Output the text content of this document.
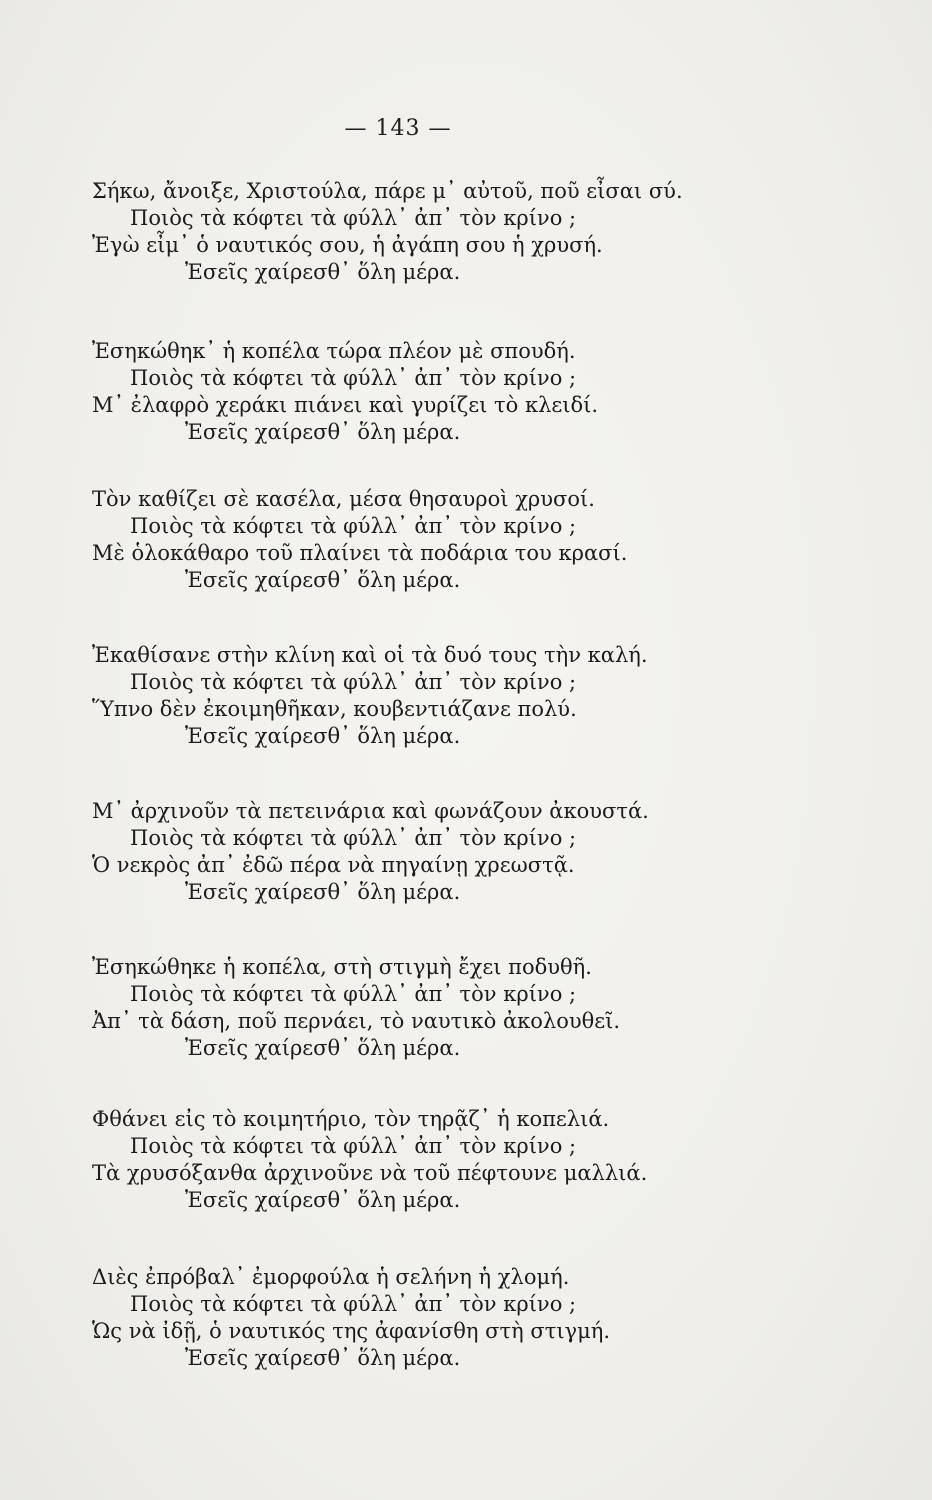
— 143 —
Σήκω, ἄνοιξε, Χριστούλα, πάρε μ᾽ αὐτοῦ, ποῦ εἶσαι σύ.
Ποιὸς τὰ κόφτει τὰ φύλλ᾽ ἀπ᾽ τὸν κρίνο ;
Ἐγὼ εἶμ᾽ ὁ ναυτικός σου, ἡ ἀγάπη σου ἡ χρυσή.
Ἐσεῖς χαίρεσθ᾽ ὅλη μέρα.
Ἐσηκώθηκ᾽ ἡ κοπέλα τώρα πλέον μὲ σπουδή.
Ποιὸς τὰ κόφτει τὰ φύλλ᾽ ἀπ᾽ τὸν κρίνο ;
Μ᾽ ἐλαφρὸ χεράκι πιάνει καὶ γυρίζει τὸ κλειδί.
Ἐσεῖς χαίρεσθ᾽ ὅλη μέρα.
Τὸν καθίζει σὲ κασέλα, μέσα θησαυροὶ χρυσοί.
Ποιὸς τὰ κόφτει τὰ φύλλ᾽ ἀπ᾽ τὸν κρίνο ;
Μὲ ὁλοκάθαρο τοῦ πλαίνει τὰ ποδάρια του κρασί.
Ἐσεῖς χαίρεσθ᾽ ὅλη μέρα.
Ἐκαθίσανε στὴν κλίνη καὶ οἱ τὰ δυό τους τὴν καλή.
Ποιὸς τὰ κόφτει τὰ φύλλ᾽ ἀπ᾽ τὸν κρίνο ;
Ὕπνο δὲν ἐκοιμηθῆκαν, κουβεντιάζανε πολύ.
Ἐσεῖς χαίρεσθ᾽ ὅλη μέρα.
Μ᾽ ἀρχινοῦν τὰ πετεινάρια καὶ φωνάζουν ἀκουστά.
Ποιὸς τὰ κόφτει τὰ φύλλ᾽ ἀπ᾽ τὸν κρίνο ;
Ὁ νεκρὸς ἀπ᾽ ἐδῶ πέρα νὰ πηγαίνῃ χρεωστᾷ.
Ἐσεῖς χαίρεσθ᾽ ὅλη μέρα.
Ἐσηκώθηκε ἡ κοπέλα, στὴ στιγμὴ ἔχει ποδυθῆ.
Ποιὸς τὰ κόφτει τὰ φύλλ᾽ ἀπ᾽ τὸν κρίνο ;
Ἀπ᾽ τὰ δάση, ποῦ περνάει, τὸ ναυτικὸ ἀκολουθεῖ.
Ἐσεῖς χαίρεσθ᾽ ὅλη μέρα.
Φθάνει εἰς τὸ κοιμητήριο, τὸν τηρᾷζ᾽ ἡ κοπελιά.
Ποιὸς τὰ κόφτει τὰ φύλλ᾽ ἀπ᾽ τὸν κρίνο ;
Τὰ χρυσόξανθα ἀρχινοῦνε νὰ τοῦ πέφτουνε μαλλιά.
Ἐσεῖς χαίρεσθ᾽ ὅλη μέρα.
Διὲς ἐπρόβαλ᾽ ἐμορφούλα ἡ σελήνη ἡ χλομή.
Ποιὸς τὰ κόφτει τὰ φύλλ᾽ ἀπ᾽ τὸν κρίνο ;
Ὡς νὰ ἰδῇ, ὁ ναυτικός της ἀφανίσθη στὴ στιγμή.
Ἐσεῖς χαίρεσθ᾽ ὅλη μέρα.
